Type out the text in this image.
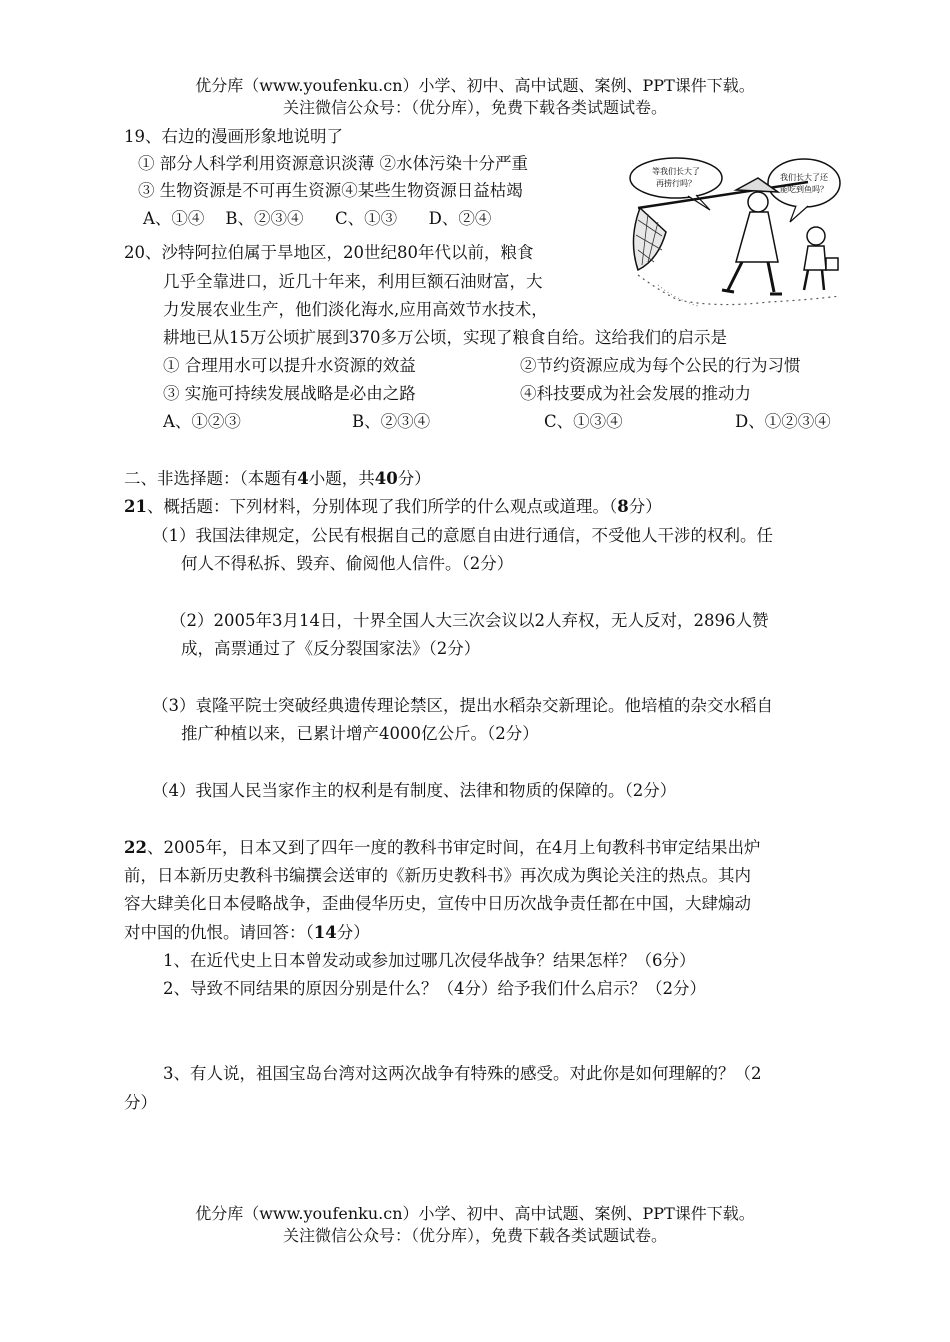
优分库（www.youfenku.cn）小学、初中、高中试题、案例、PPT课件下载。
关注微信公众号：（优分库），免费下载各类试题试卷。
19、右边的漫画形象地说明了
① 部分人科学利用资源意识淡薄 ②水体污染十分严重
③ 生物资源是不可再生资源④某些生物资源日益枯竭
A、①④    B、②③④      C、①③      D、②④
等我们长大了
再捞行吗？
我们长大了还
能吃到鱼吗？
20、沙特阿拉伯属于旱地区，20世纪80年代以前，粮食
几乎全靠进口，近几十年来，利用巨额石油财富，大
力发展农业生产，他们淡化海水,应用高效节水技术，
耕地已从15万公顷扩展到370多万公顷，实现了粮食自给。这给我们的启示是
① 合理用水可以提升水资源的效益	②节约资源应成为每个公民的行为习惯
③ 实施可持续发展战略是必由之路	④科技要成为社会发展的推动力
A、①②③	B、②③④	C、①③④	D、①②③④
二、非选择题：（本题有4小题，共40分）
21、概括题：下列材料，分别体现了我们所学的什么观点或道理。（8分）
（1）我国法律规定，公民有根据自己的意愿自由进行通信，不受他人干涉的权利。任
何人不得私拆、毁弃、偷阅他人信件。（2分）
（2）2005年3月14日，十界全国人大三次会议以2人弃权，无人反对，2896人赞
成，高票通过了《反分裂国家法》（2分）
（3）袁隆平院士突破经典遗传理论禁区，提出水稻杂交新理论。他培植的杂交水稻自
推广种植以来，已累计增产4000亿公斤。（2分）
（4）我国人民当家作主的权利是有制度、法律和物质的保障的。（2分）
22、2005年，日本又到了四年一度的教科书审定时间，在4月上旬教科书审定结果出炉
前，日本新历史教科书编撰会送审的《新历史教科书》再次成为舆论关注的热点。其内
容大肆美化日本侵略战争，歪曲侵华历史，宣传中日历次战争责任都在中国，大肆煽动
对中国的仇恨。请回答：（14分）
1、在近代史上日本曾发动或参加过哪几次侵华战争？结果怎样？（6分）
2、导致不同结果的原因分别是什么？（4分）给予我们什么启示？（2分）
3、有人说，祖国宝岛台湾对这两次战争有特殊的感受。对此你是如何理解的？（2
分）
优分库（www.youfenku.cn）小学、初中、高中试题、案例、PPT课件下载。
关注微信公众号：（优分库），免费下载各类试题试卷。
